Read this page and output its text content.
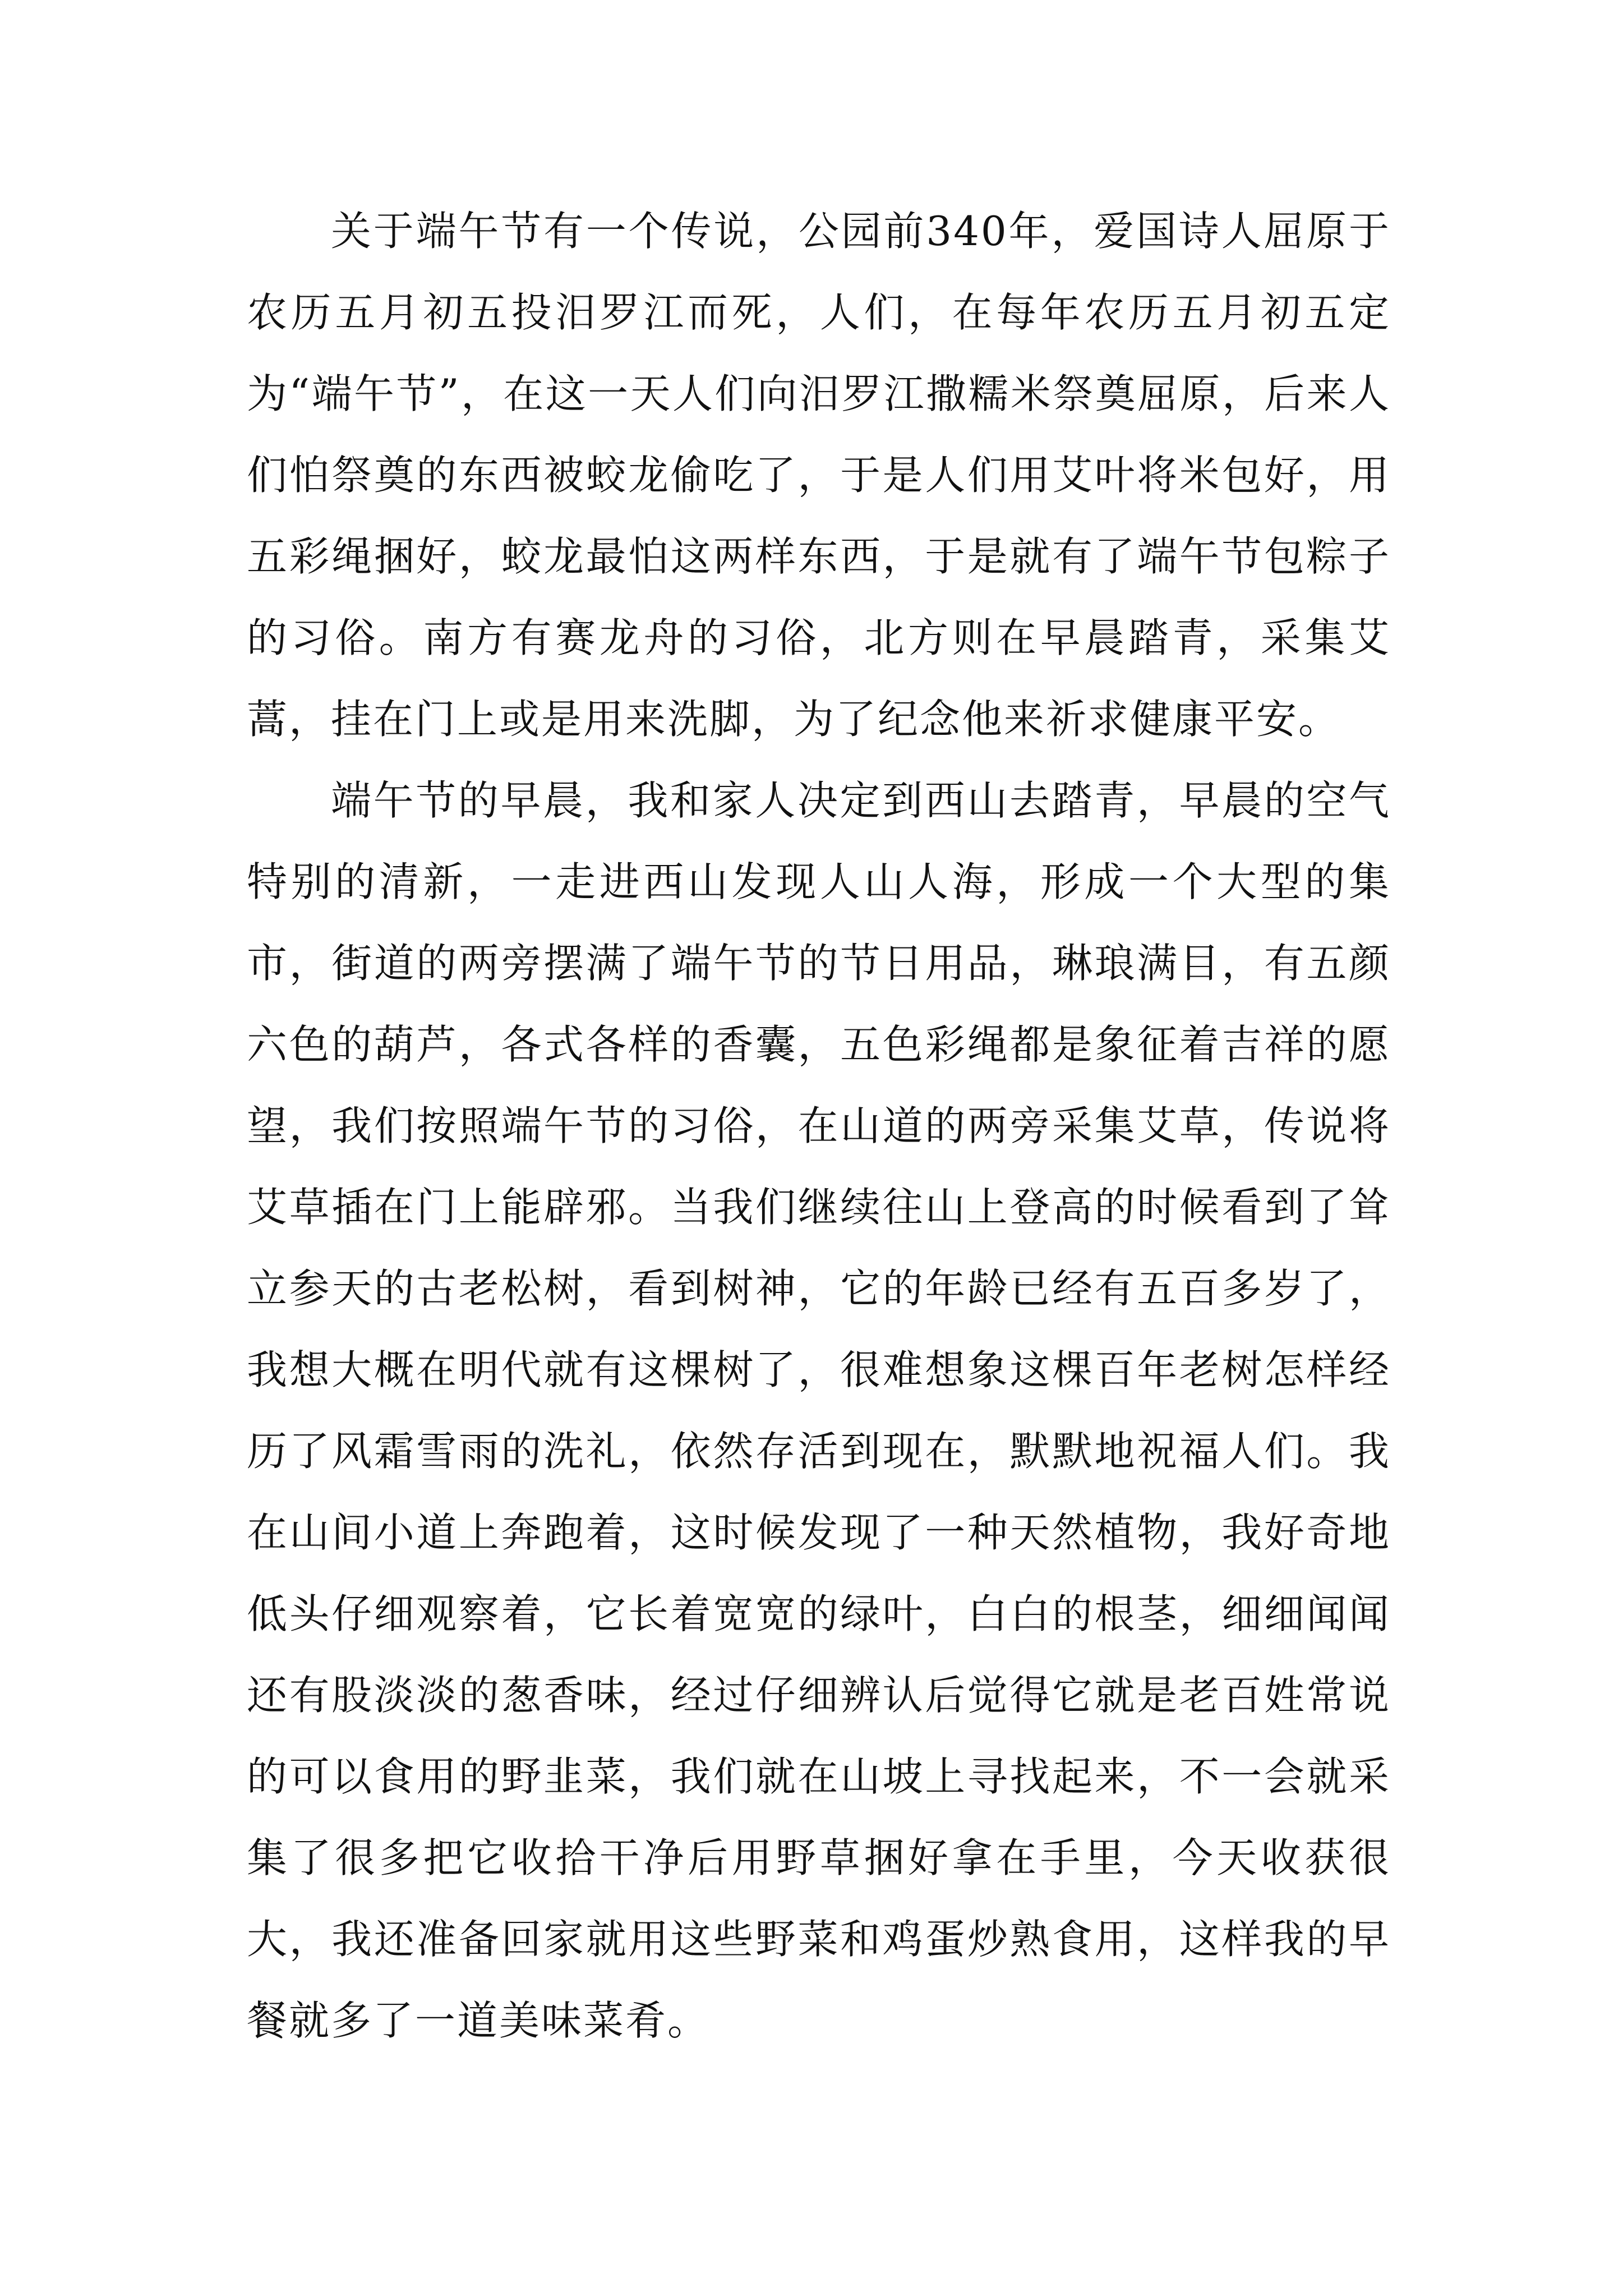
关于端午节有一个传说，公园前340年，爱国诗人屈原于农历五月初五投汨罗江而死，人们，在每年农历五月初五定为“端午节”，在这一天人们向汨罗江撒糯米祭奠屈原，后来人们怕祭奠的东西被蛟龙偷吃了，于是人们用艾叶将米包好，用五彩绳捆好，蛟龙最怕这两样东西，于是就有了端午节包粽子的习俗。南方有赛龙舟的习俗，北方则在早晨踏青，采集艾蒿，挂在门上或是用来洗脚，为了纪念他来祈求健康平安。

端午节的早晨，我和家人决定到西山去踏青，早晨的空气特别的清新，一走进西山发现人山人海，形成一个大型的集市，街道的两旁摆满了端午节的节日用品，琳琅满目，有五颜六色的葫芦，各式各样的香囊，五色彩绳都是象征着吉祥的愿望，我们按照端午节的习俗，在山道的两旁采集艾草，传说将艾草插在门上能辟邪。当我们继续往山上登高的时候看到了耸立参天的古老松树，看到树神，它的年龄已经有五百多岁了，我想大概在明代就有这棵树了，很难想象这棵百年老树怎样经历了风霜雪雨的洗礼，依然存活到现在，默默地祝福人们。我在山间小道上奔跑着，这时候发现了一种天然植物，我好奇地低头仔细观察着，它长着宽宽的绿叶，白白的根茎，细细闻闻还有股淡淡的葱香味，经过仔细辨认后觉得它就是老百姓常说的可以食用的野韭菜，我们就在山坡上寻找起来，不一会就采集了很多把它收拾干净后用野草捆好拿在手里，今天收获很大，我还准备回家就用这些野菜和鸡蛋炒熟食用，这样我的早餐就多了一道美味菜肴。
